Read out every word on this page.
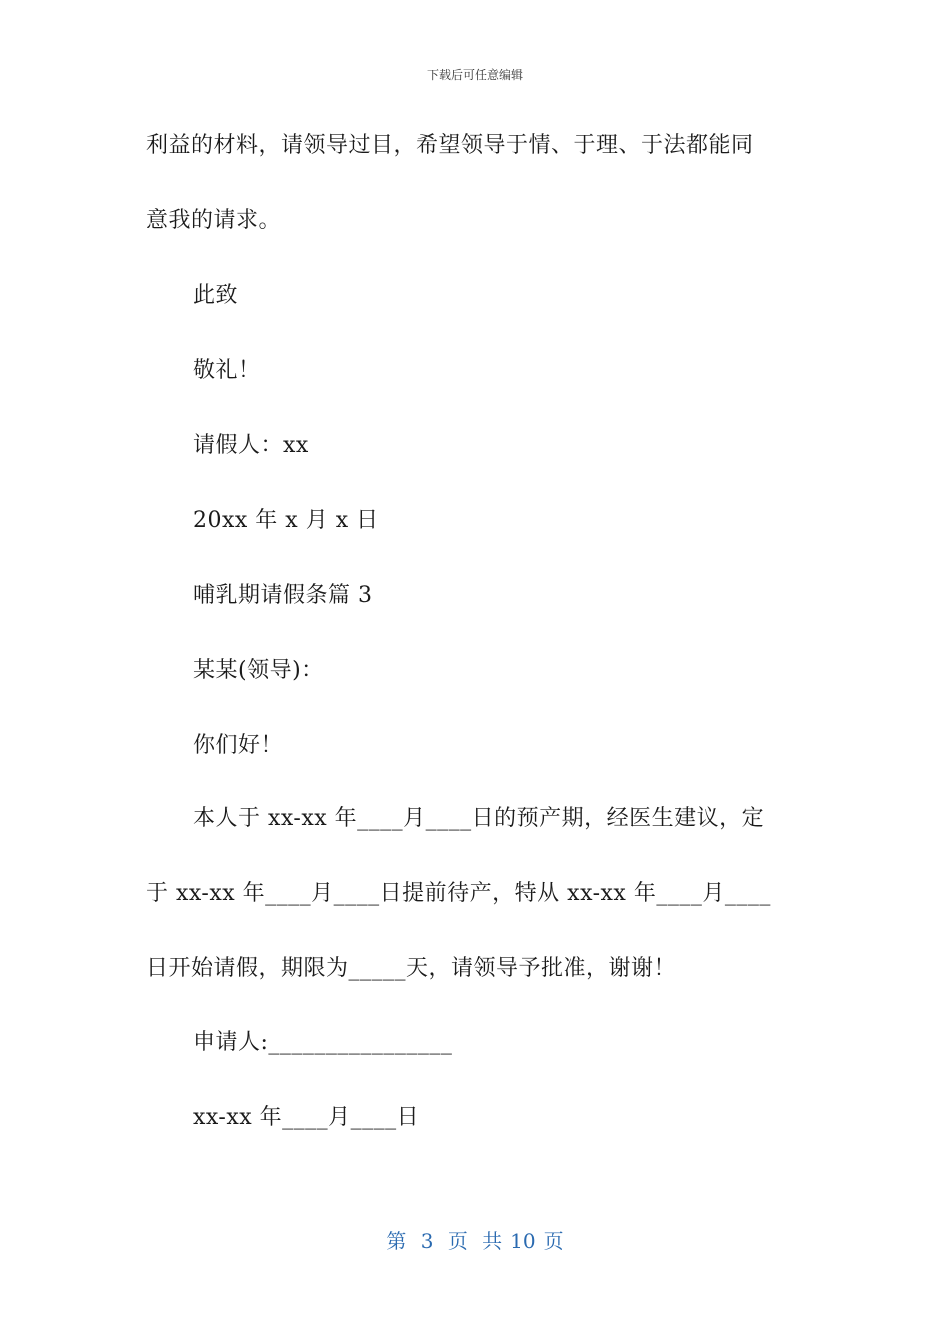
下载后可任意编辑
利益的材料，请领导过目，希望领导于情、于理、于法都能同
意我的请求。
此致
敬礼！
请假人：xx
20xx 年 x 月 x 日
哺乳期请假条篇 3
某某(领导)：
你们好！
本人于 xx-xx 年____月____日的预产期，经医生建议，定
于 xx-xx 年____月____日提前待产，特从 xx-xx 年____月____
日开始请假，期限为_____天，请领导予批准，谢谢！
申请人:________________
xx-xx 年____月____日
第 3 页 共 10 页
